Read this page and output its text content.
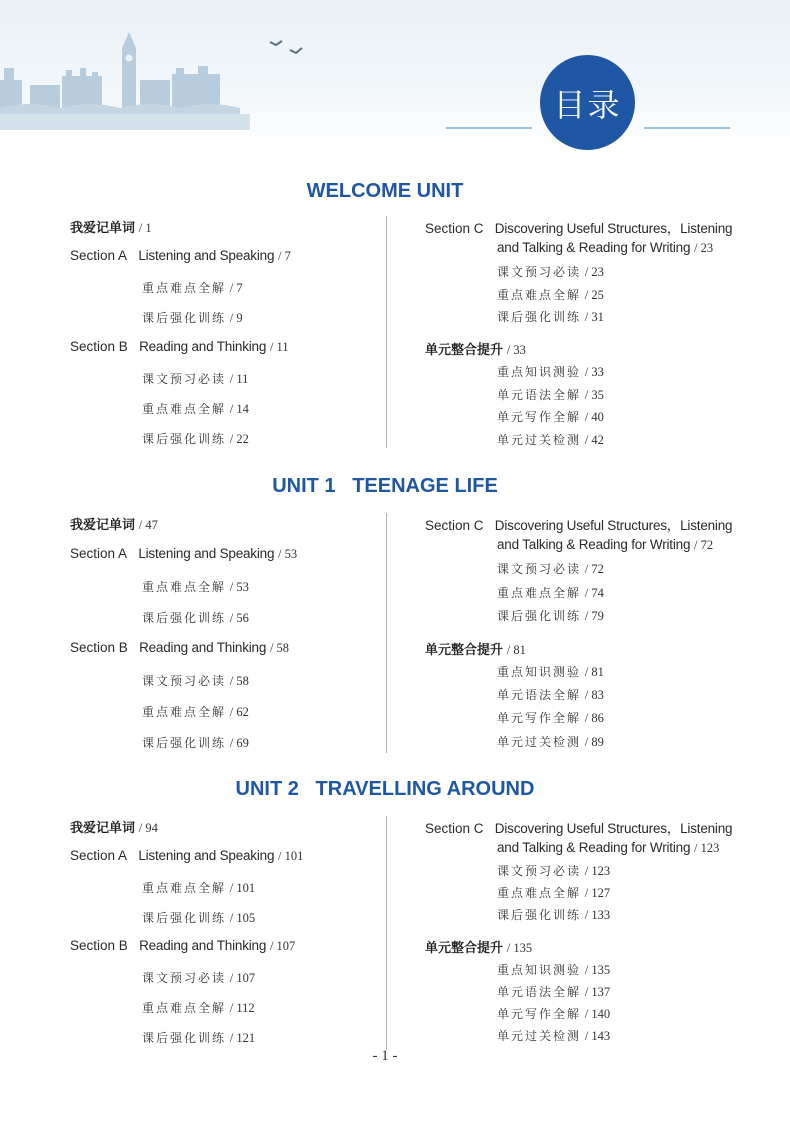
目录
WELCOME UNIT
我爱记单词 / 1
Section A Listening and Speaking / 7
重点难点全解 / 7
课后强化训练 / 9
Section B Reading and Thinking / 11
课文预习必读 / 11
重点难点全解 / 14
课后强化训练 / 22
Section C Discovering Useful Structures，Listening
and Talking & Reading for Writing / 23
课文预习必读 / 23
重点难点全解 / 25
课后强化训练 / 31
单元整合提升 / 33
重点知识测验 / 33
单元语法全解 / 35
单元写作全解 / 40
单元过关检测 / 42
UNIT 1   TEENAGE LIFE
我爱记单词 / 47
Section A Listening and Speaking / 53
重点难点全解 / 53
课后强化训练 / 56
Section B Reading and Thinking / 58
课文预习必读 / 58
重点难点全解 / 62
课后强化训练 / 69
Section C Discovering Useful Structures，Listening
and Talking & Reading for Writing / 72
课文预习必读 / 72
重点难点全解 / 74
课后强化训练 / 79
单元整合提升 / 81
重点知识测验 / 81
单元语法全解 / 83
单元写作全解 / 86
单元过关检测 / 89
UNIT 2   TRAVELLING AROUND
我爱记单词 / 94
Section A Listening and Speaking / 101
重点难点全解 / 101
课后强化训练 / 105
Section B Reading and Thinking / 107
课文预习必读 / 107
重点难点全解 / 112
课后强化训练 / 121
Section C Discovering Useful Structures，Listening
and Talking & Reading for Writing / 123
课文预习必读 / 123
重点难点全解 / 127
课后强化训练 / 133
单元整合提升 / 135
重点知识测验 / 135
单元语法全解 / 137
单元写作全解 / 140
单元过关检测 / 143
- 1 -
